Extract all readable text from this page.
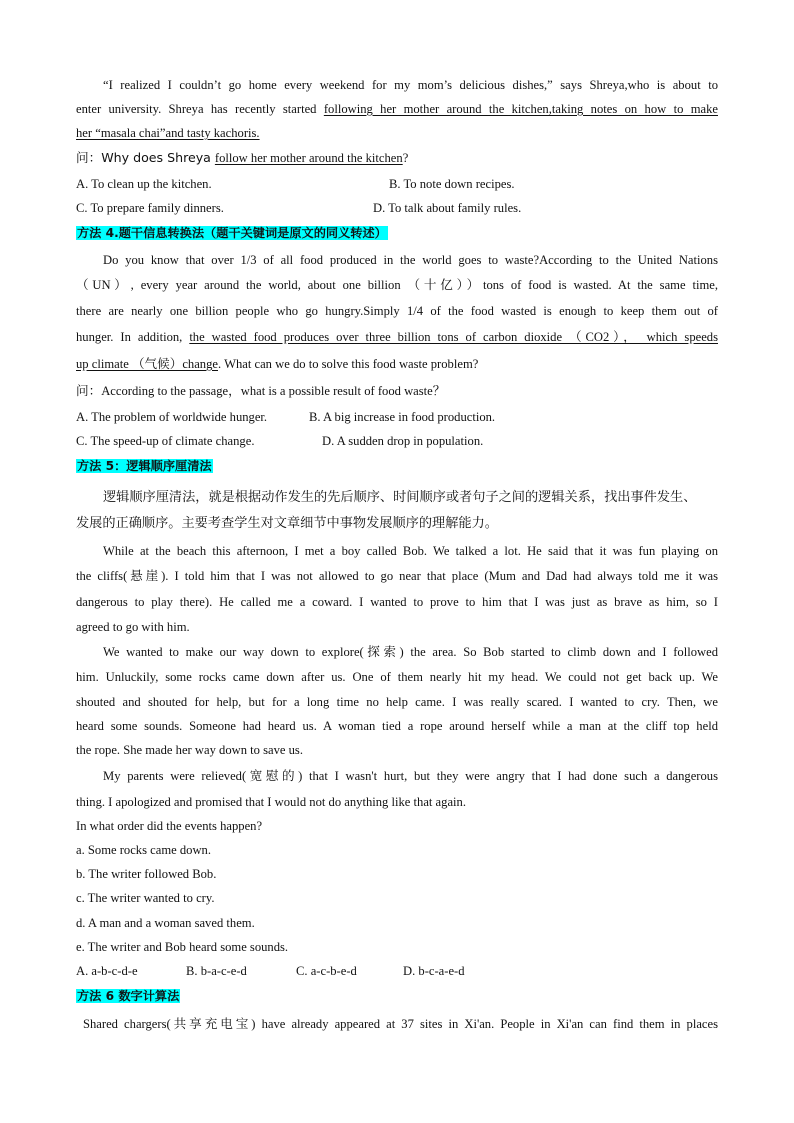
“I realized I couldn’t go home every weekend for my mom’s delicious dishes,” says Shreya,who is about to
enter university. Shreya has recently started following her mother around the kitchen,taking notes on how to make
her “masala chai”and tasty kachoris.
问：Why does Shreya follow her mother around the kitchen?
A. To clean up the kitchen.	B. To note down recipes.
C. To prepare family dinners.	D. To talk about family rules.
方法 4.题干信息转换法（题干关键词是原文的同义转述）
Do you know that over 1/3 of all food produced in the world goes to waste?According to the United Nations
（UN）, every year around the world, about one billion （十亿））tons of food is wasted. At the same time,
there are nearly one billion people who go hungry.Simply 1/4 of the food wasted is enough to keep them out of
hunger. In addition, the wasted food produces over three billion tons of carbon dioxide （CO2）， which speeds
up climate （气候）change. What can we do to solve this food waste problem?
问：According to the passage，what is a possible result of food waste？
A. The problem of worldwide hunger.	B. A big increase in food production.
C. The speed-up of climate change.	D. A sudden drop in population.
方法 5：逻辑顺序厘清法
逻辑顺序厘清法，就是根据动作发生的先后顺序、时间顺序或者句子之间的逻辑关系，找出事件发生、
发展的正确顺序。主要考查学生对文章细节中事物发展顺序的理解能力。
While at the beach this afternoon, I met a boy called Bob. We talked a lot. He said that it was fun playing on
the cliffs(悬崖). I told him that I was not allowed to go near that place (Mum and Dad had always told me it was
dangerous to play there). He called me a coward. I wanted to prove to him that I was just as brave as him, so I
agreed to go with him.
We wanted to make our way down to explore(探索) the area. So Bob started to climb down and I followed
him. Unluckily, some rocks came down after us. One of them nearly hit my head. We could not get back up. We
shouted and shouted for help, but for a long time no help came. I was really scared. I wanted to cry. Then, we
heard some sounds. Someone had heard us. A woman tied a rope around herself while a man at the cliff top held
the rope. She made her way down to save us.
My parents were relieved(宽慰的) that I wasn't hurt, but they were angry that I had done such a dangerous
thing. I apologized and promised that I would not do anything like that again.
In what order did the events happen?
a. Some rocks came down.
b. The writer followed Bob.
c. The writer wanted to cry.
d. A man and a woman saved them.
e. The writer and Bob heard some sounds.
A. a-b-c-d-e	B. b-a-c-e-d	C. a-c-b-e-d	D. b-c-a-e-d
方法 6 数字计算法
Shared chargers(共享充电宝) have already appeared at 37 sites in Xi'an. People in Xi'an can find them in places
